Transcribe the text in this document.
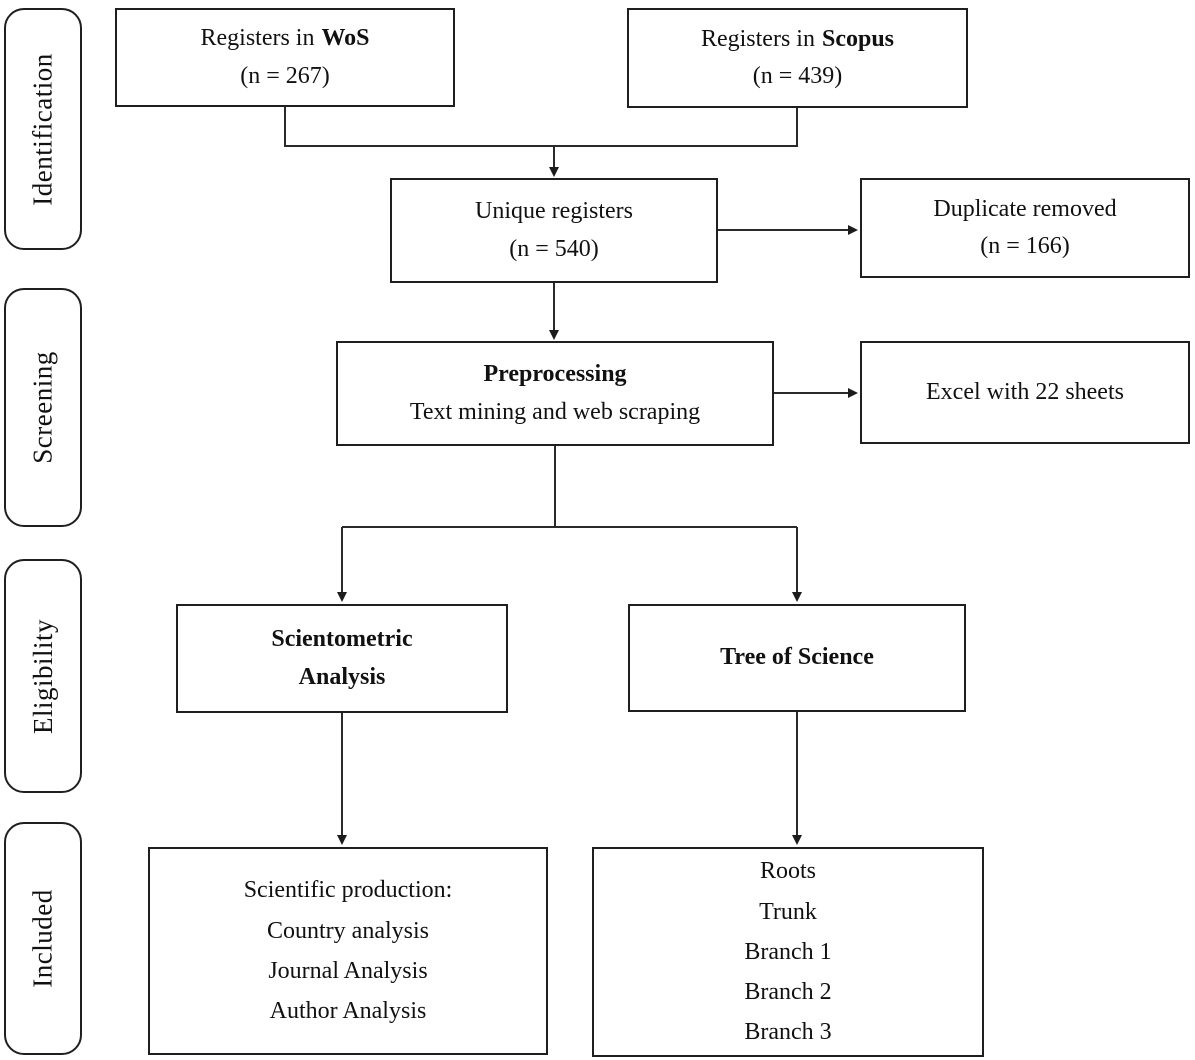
Identification
Screening
Eligibility
Included
Registers in WoS
(n = 267)
Registers in Scopus
(n = 439)
Unique registers
(n = 540)
Duplicate removed
(n = 166)
Preprocessing
Text mining and web scraping
Excel with 22 sheets
Scientometric
Analysis
Tree of Science
Scientific production:
Country analysis
Journal Analysis
Author Analysis
Roots
Trunk
Branch 1
Branch 2
Branch 3
